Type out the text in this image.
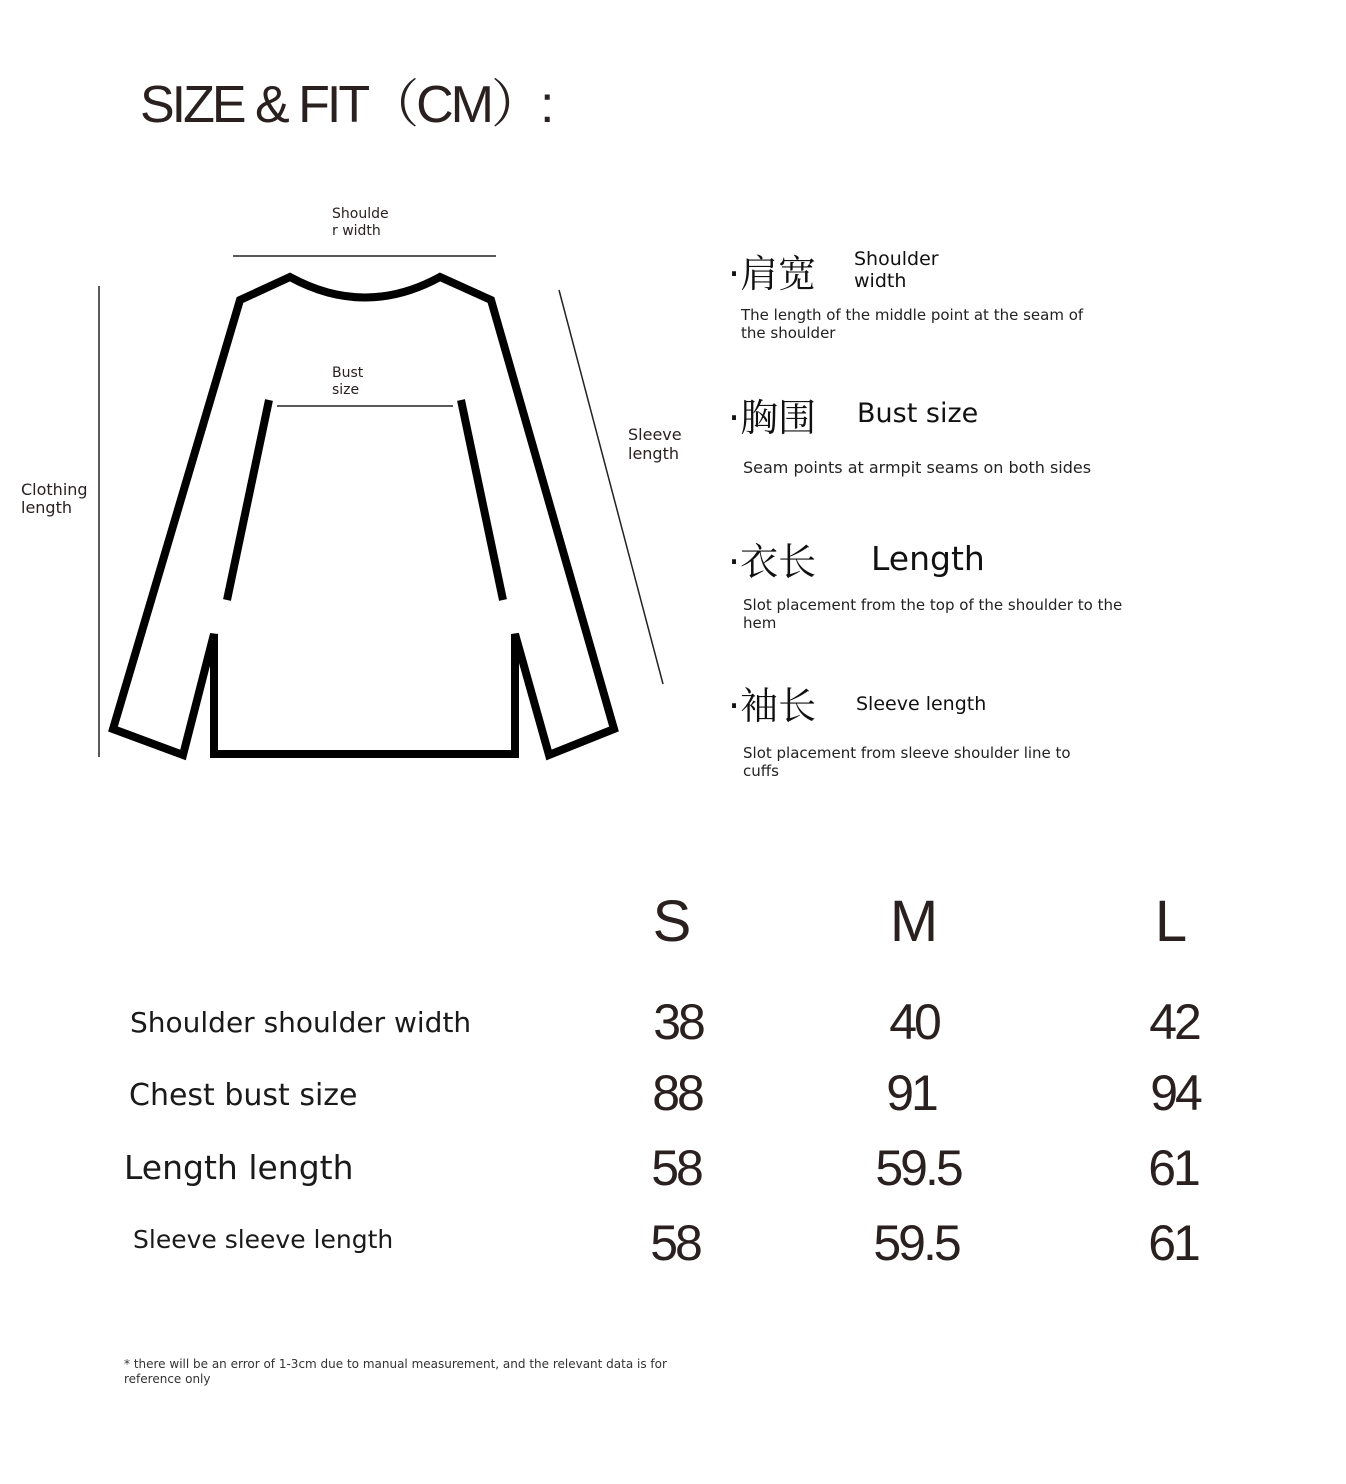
SIZE & FIT（CM）:
Shoulde
r width
Bust
size
Sleeve
length
Clothing
length
·肩宽 Shoulder
width
The length of the middle point at the seam of
the shoulder
·胸围 Bust size
Seam points at armpit seams on both sides
·衣长 Length
Slot placement from the top of the shoulder to the
hem
·袖长 Sleeve length
Slot placement from sleeve shoulder line to
cuffs
S	M	L
Shoulder shoulder width	38	40	42
Chest bust size	88	91	94
Length length	58	59.5	61
Sleeve sleeve length	58	59.5	61
* there will be an error of 1-3cm due to manual measurement, and the relevant data is for
reference only
